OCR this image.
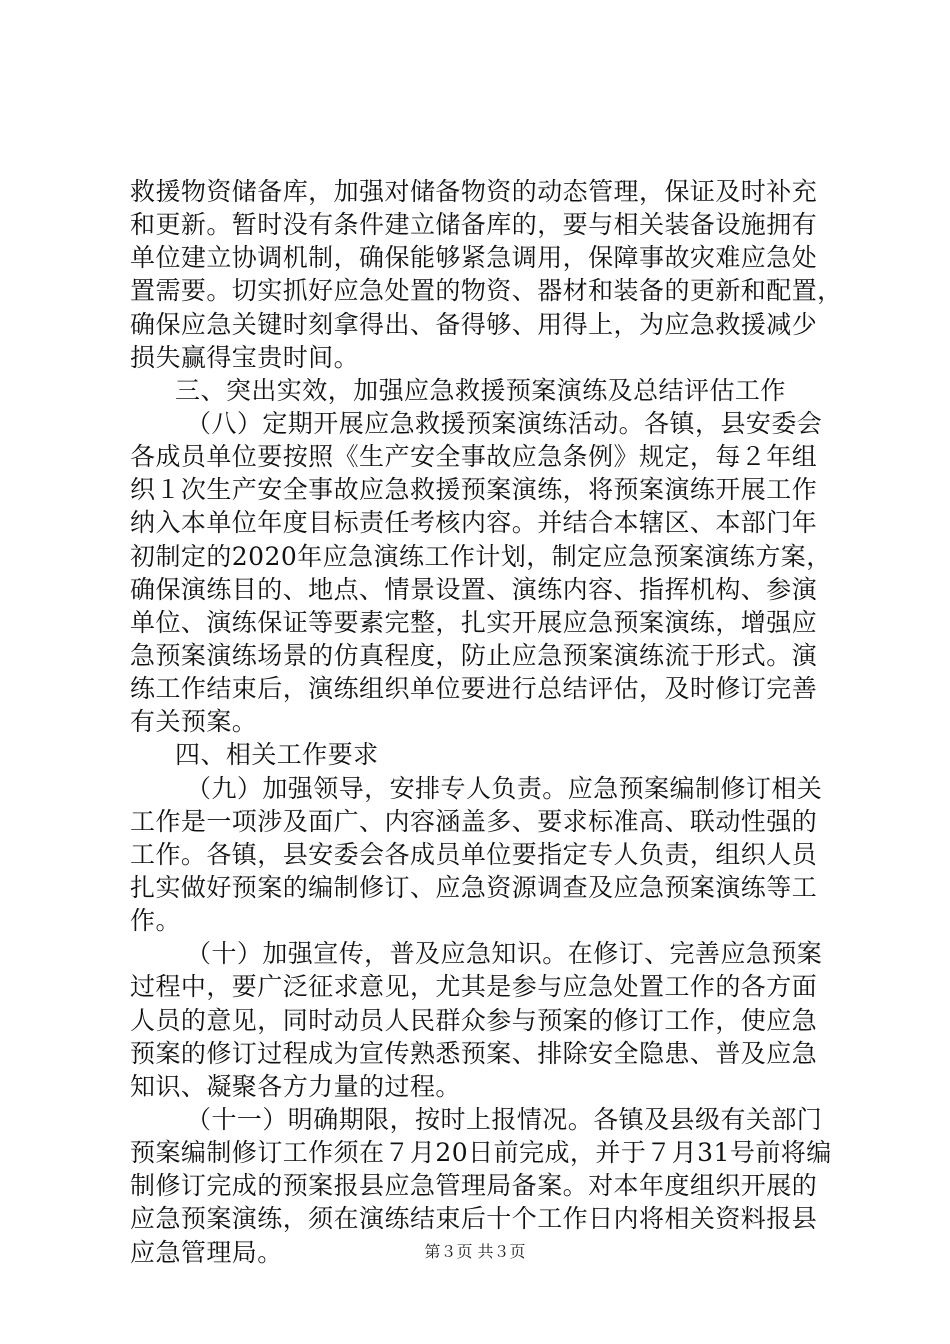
救援物资储备库，加强对储备物资的动态管理，保证及时补充
和更新。暂时没有条件建立储备库的，要与相关装备设施拥有
单位建立协调机制，确保能够紧急调用，保障事故灾难应急处
置需要。切实抓好应急处置的物资、器材和装备的更新和配置，
确保应急关键时刻拿得出、备得够、用得上，为应急救援减少
损失赢得宝贵时间。
三、突出实效，加强应急救援预案演练及总结评估工作
（八）定期开展应急救援预案演练活动。各镇，县安委会
各成员单位要按照《生产安全事故应急条例》规定，每２年组
织１次生产安全事故应急救援预案演练，将预案演练开展工作
纳入本单位年度目标责任考核内容。并结合本辖区、本部门年
初制定的2020年应急演练工作计划，制定应急预案演练方案，
确保演练目的、地点、情景设置、演练内容、指挥机构、参演
单位、演练保证等要素完整，扎实开展应急预案演练，增强应
急预案演练场景的仿真程度，防止应急预案演练流于形式。演
练工作结束后，演练组织单位要进行总结评估，及时修订完善
有关预案。
四、相关工作要求
（九）加强领导，安排专人负责。应急预案编制修订相关
工作是一项涉及面广、内容涵盖多、要求标准高、联动性强的
工作。各镇，县安委会各成员单位要指定专人负责，组织人员
扎实做好预案的编制修订、应急资源调查及应急预案演练等工
作。
（十）加强宣传，普及应急知识。在修订、完善应急预案
过程中，要广泛征求意见，尤其是参与应急处置工作的各方面
人员的意见，同时动员人民群众参与预案的修订工作，使应急
预案的修订过程成为宣传熟悉预案、排除安全隐患、普及应急
知识、凝聚各方力量的过程。
（十一）明确期限，按时上报情况。各镇及县级有关部门
预案编制修订工作须在７月20日前完成，并于７月31号前将编
制修订完成的预案报县应急管理局备案。对本年度组织开展的
应急预案演练，须在演练结束后十个工作日内将相关资料报县
应急管理局。	第３页 共３页
